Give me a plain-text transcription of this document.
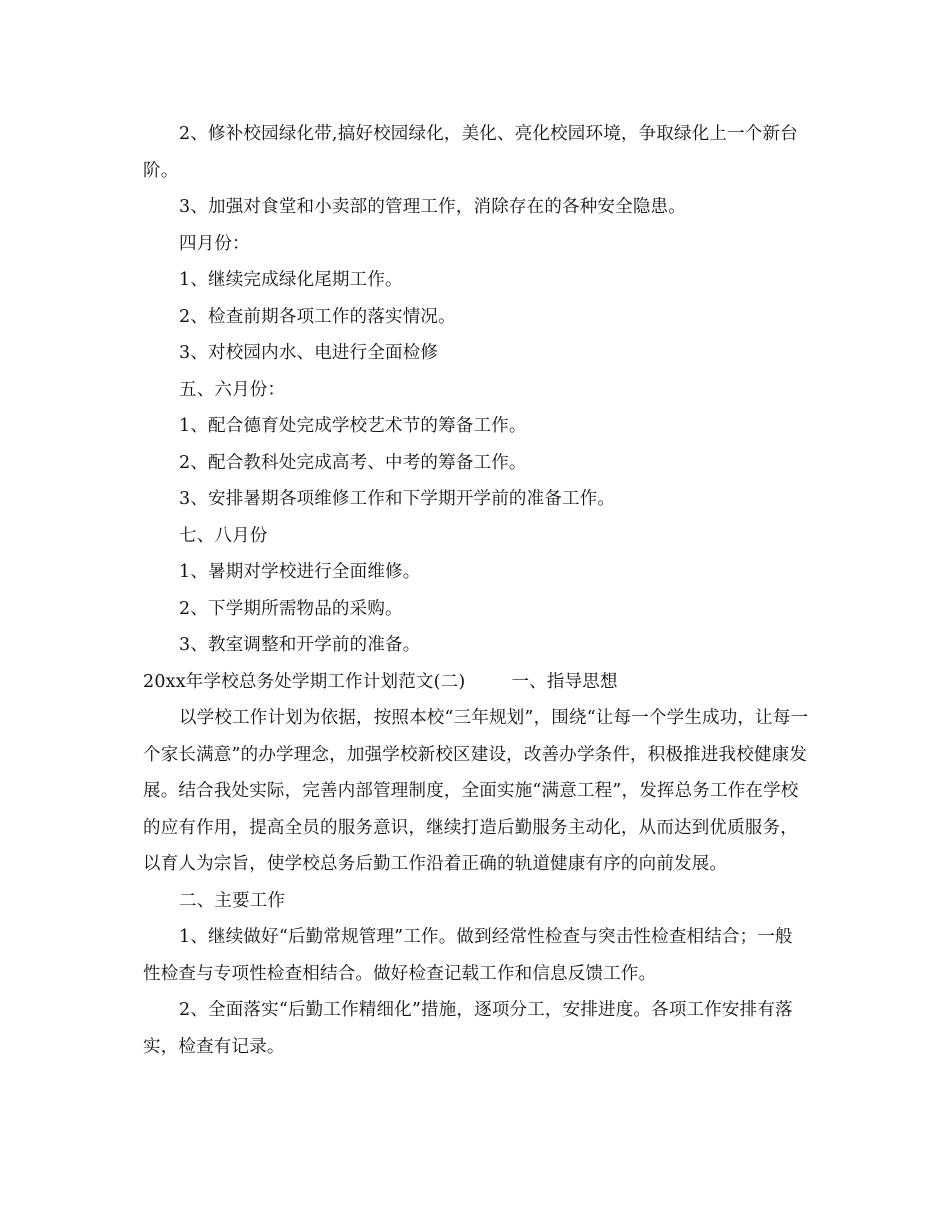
2、修补校园绿化带,搞好校园绿化，美化、亮化校园环境，争取绿化上一个新台阶。

3、加强对食堂和小卖部的管理工作，消除存在的各种安全隐患。

四月份：

1、继续完成绿化尾期工作。

2、检查前期各项工作的落实情况。

3、对校园内水、电进行全面检修

五、六月份：

1、配合德育处完成学校艺术节的筹备工作。

2、配合教科处完成高考、中考的筹备工作。

3、安排暑期各项维修工作和下学期开学前的准备工作。

七、八月份

1、暑期对学校进行全面维修。

2、下学期所需物品的采购。

3、教室调整和开学前的准备。

20xx年学校总务处学期工作计划范文(二)        一、指导思想

以学校工作计划为依据，按照本校“三年规划”，围绕“让每一个学生成功，让每一个家长满意”的办学理念，加强学校新校区建设，改善办学条件，积极推进我校健康发展。结合我处实际，完善内部管理制度，全面实施“满意工程”，发挥总务工作在学校的应有作用，提高全员的服务意识，继续打造后勤服务主动化，从而达到优质服务，以育人为宗旨，使学校总务后勤工作沿着正确的轨道健康有序的向前发展。

二、主要工作

1、继续做好“后勤常规管理”工作。做到经常性检查与突击性检查相结合；一般性检查与专项性检查相结合。做好检查记载工作和信息反馈工作。

2、全面落实“后勤工作精细化”措施，逐项分工，安排进度。各项工作安排有落实，检查有记录。
